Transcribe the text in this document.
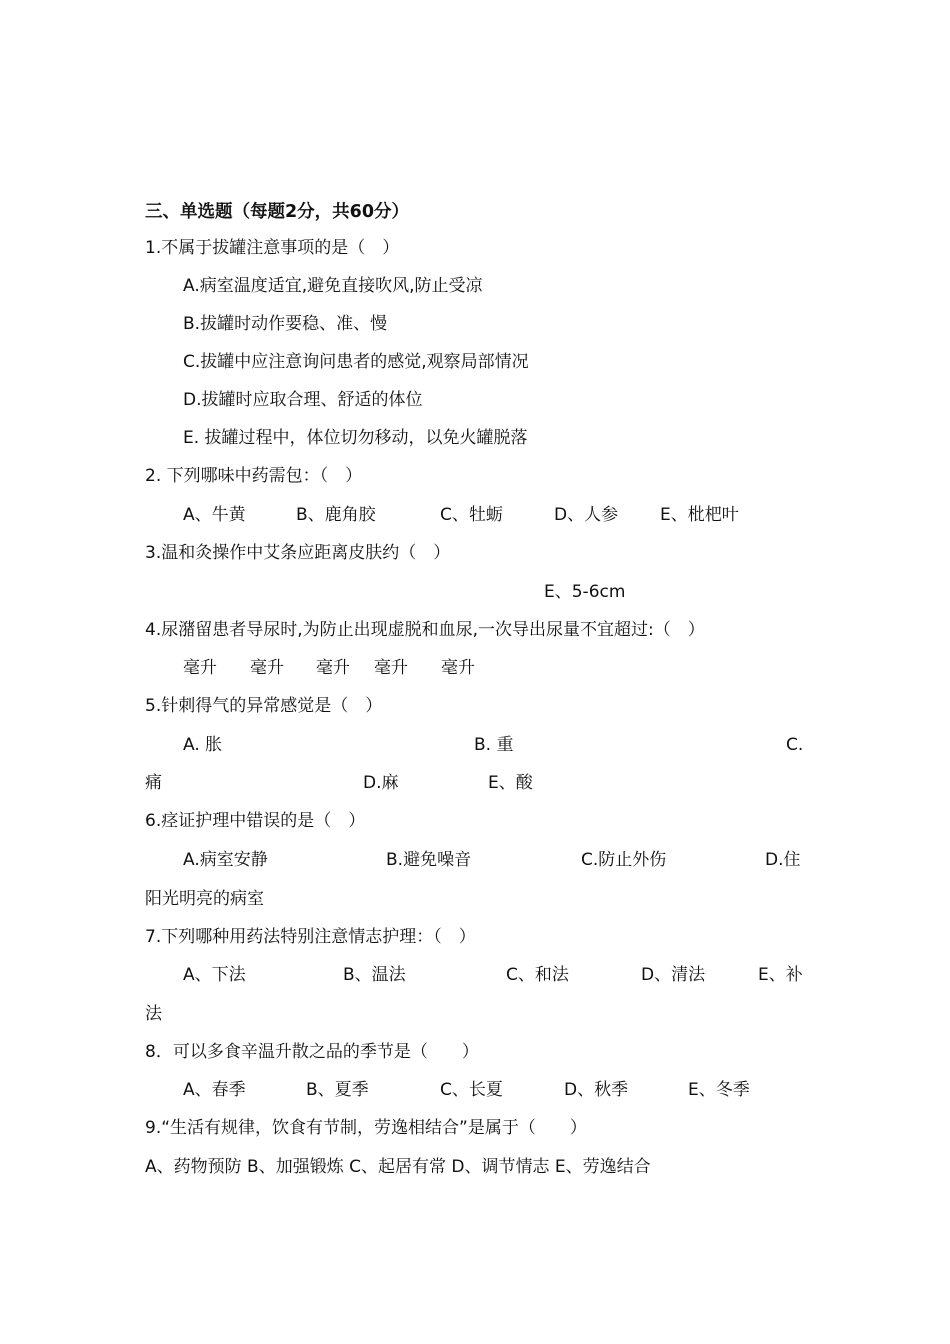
三、单选题（每题2分，共60分）
1.不属于拔罐注意事项的是（　）
A.病室温度适宜,避免直接吹风,防止受凉
B.拔罐时动作要稳、准、慢
C.拔罐中应注意询问患者的感觉,观察局部情况
D.拔罐时应取合理、舒适的体位
E. 拔罐过程中，体位切勿移动，以免火罐脱落
2. 下列哪味中药需包：（　）
A、牛黄	B、鹿角胶	C、牡蛎	D、人参 E、枇杷叶
3.温和灸操作中艾条应距离皮肤约（　）
E、5-6cm
4.尿潴留患者导尿时,为防止出现虚脱和血尿,一次导出尿量不宜超过:（　）
毫升 毫升 毫升 毫升 毫升
5.针刺得气的异常感觉是（　）
A. 胀	B. 重	C.
痛	D.麻	E、酸
6.痉证护理中错误的是（　）
A.病室安静	B.避免噪音	C.防止外伤	D.住
阳光明亮的病室
7.下列哪种用药法特别注意情志护理：（　）
A、下法	B、温法	C、和法	D、清法	E、补
法
8．可以多食辛温升散之品的季节是（　　）
A、春季	B、夏季	C、长夏	D、秋季	E、冬季
9.“生活有规律，饮食有节制，劳逸相结合”是属于（　　）
A、药物预防 B、加强锻炼 C、起居有常 D、调节情志 E、劳逸结合
